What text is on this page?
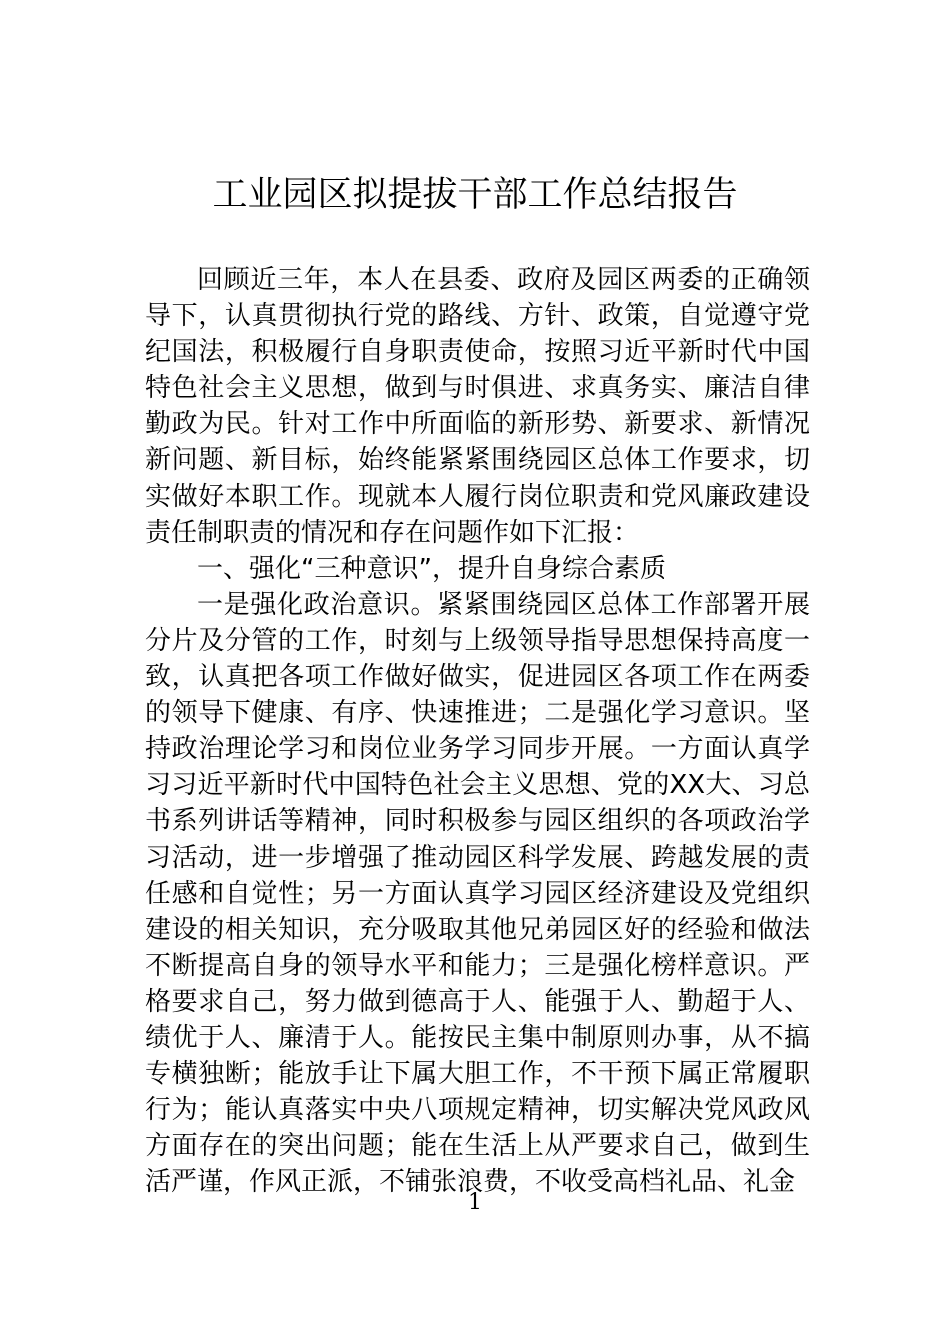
工业园区拟提拔干部工作总结报告

回顾近三年，本人在县委、政府及园区两委的正确领导下，认真贯彻执行党的路线、方针、政策，自觉遵守党纪国法，积极履行自身职责使命，按照习近平新时代中国特色社会主义思想，做到与时俱进、求真务实、廉洁自律勤政为民。针对工作中所面临的新形势、新要求、新情况新问题、新目标，始终能紧紧围绕园区总体工作要求，切实做好本职工作。现就本人履行岗位职责和党风廉政建设责任制职责的情况和存在问题作如下汇报：

一、强化“三种意识”，提升自身综合素质

一是强化政治意识。紧紧围绕园区总体工作部署开展分片及分管的工作，时刻与上级领导指导思想保持高度一致，认真把各项工作做好做实，促进园区各项工作在两委的领导下健康、有序、快速推进；二是强化学习意识。坚持政治理论学习和岗位业务学习同步开展。一方面认真学习习近平新时代中国特色社会主义思想、党的XX大、习总书系列讲话等精神，同时积极参与园区组织的各项政治学习活动，进一步增强了推动园区科学发展、跨越发展的责任感和自觉性；另一方面认真学习园区经济建设及党组织建设的相关知识，充分吸取其他兄弟园区好的经验和做法不断提高自身的领导水平和能力；三是强化榜样意识。严格要求自己，努力做到德高于人、能强于人、勤超于人、绩优于人、廉清于人。能按民主集中制原则办事，从不搞专横独断；能放手让下属大胆工作，不干预下属正常履职行为；能认真落实中央八项规定精神，切实解决党风政风方面存在的突出问题；能在生活上从严要求自己，做到生活严谨，作风正派，不铺张浪费，不收受高档礼品、礼金

1
